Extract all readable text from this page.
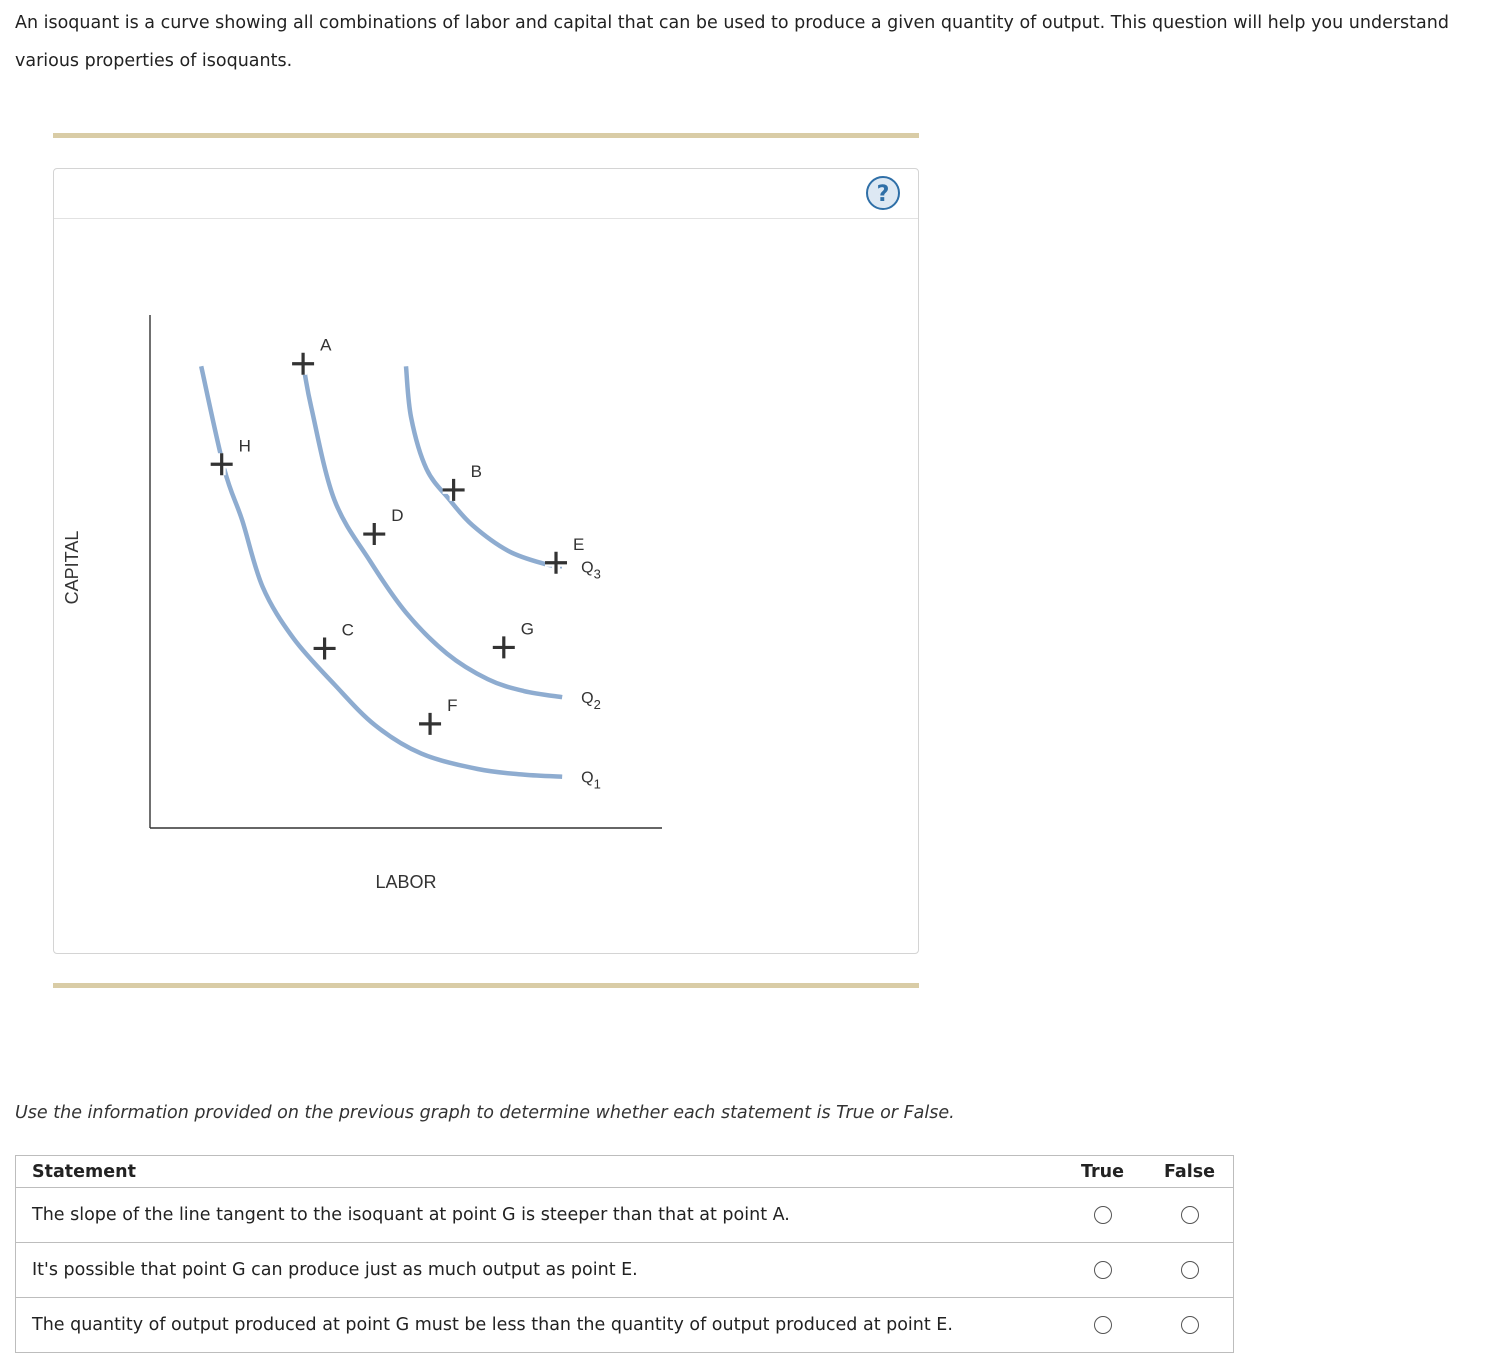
An isoquant is a curve showing all combinations of labor and capital that can be used to produce a given quantity of output. This question will help you understand various properties of isoquants.

?
LABOR
CAPITAL
$Q_1$
$Q_2$
$Q_3$
A
H
B
D
E
C	G
F

Use the information provided on the previous graph to determine whether each statement is True or False.

Statement	True	False
The slope of the line tangent to the isoquant at point G is steeper than that at point A.		
It's possible that point G can produce just as much output as point E.		
The quantity of output produced at point G must be less than the quantity of output produced at point E.		
